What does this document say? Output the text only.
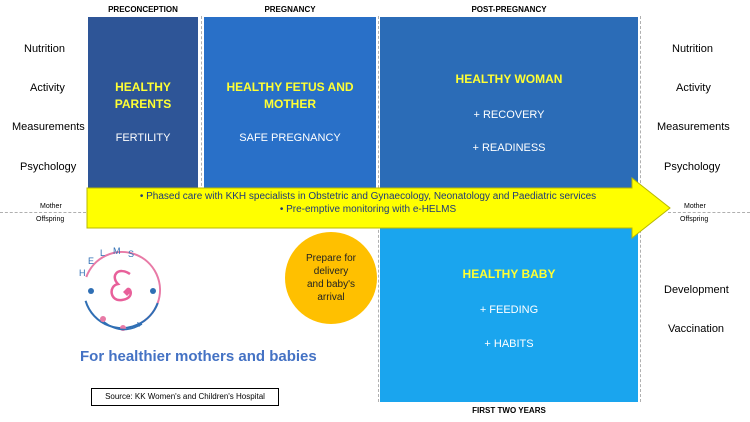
PRECONCEPTION	PREGNANCY	POST-PREGNANCY
FIRST TWO YEARS
Nutrition
Activity
Measurements
Psychology
Mother
Offspring
Nutrition
Activity
Measurements
Psychology
Mother
Offspring
Development
Vaccination
HEALTHY
PARENTS
FERTILITY
HEALTHY FETUS AND
MOTHER
SAFE PREGNANCY
HEALTHY WOMAN
+ RECOVERY
+ READINESS
HEALTHY BABY
+ FEEDING
+ HABITS
• Phased care with KKH specialists in Obstetric and Gynaecology, Neonatology and Paediatric services
• Pre-emptive monitoring with e-HELMS
Prepare for
delivery
and baby's
arrival
H
E
L M S
For healthier mothers and babies
Source: KK Women's and Children's Hospital
